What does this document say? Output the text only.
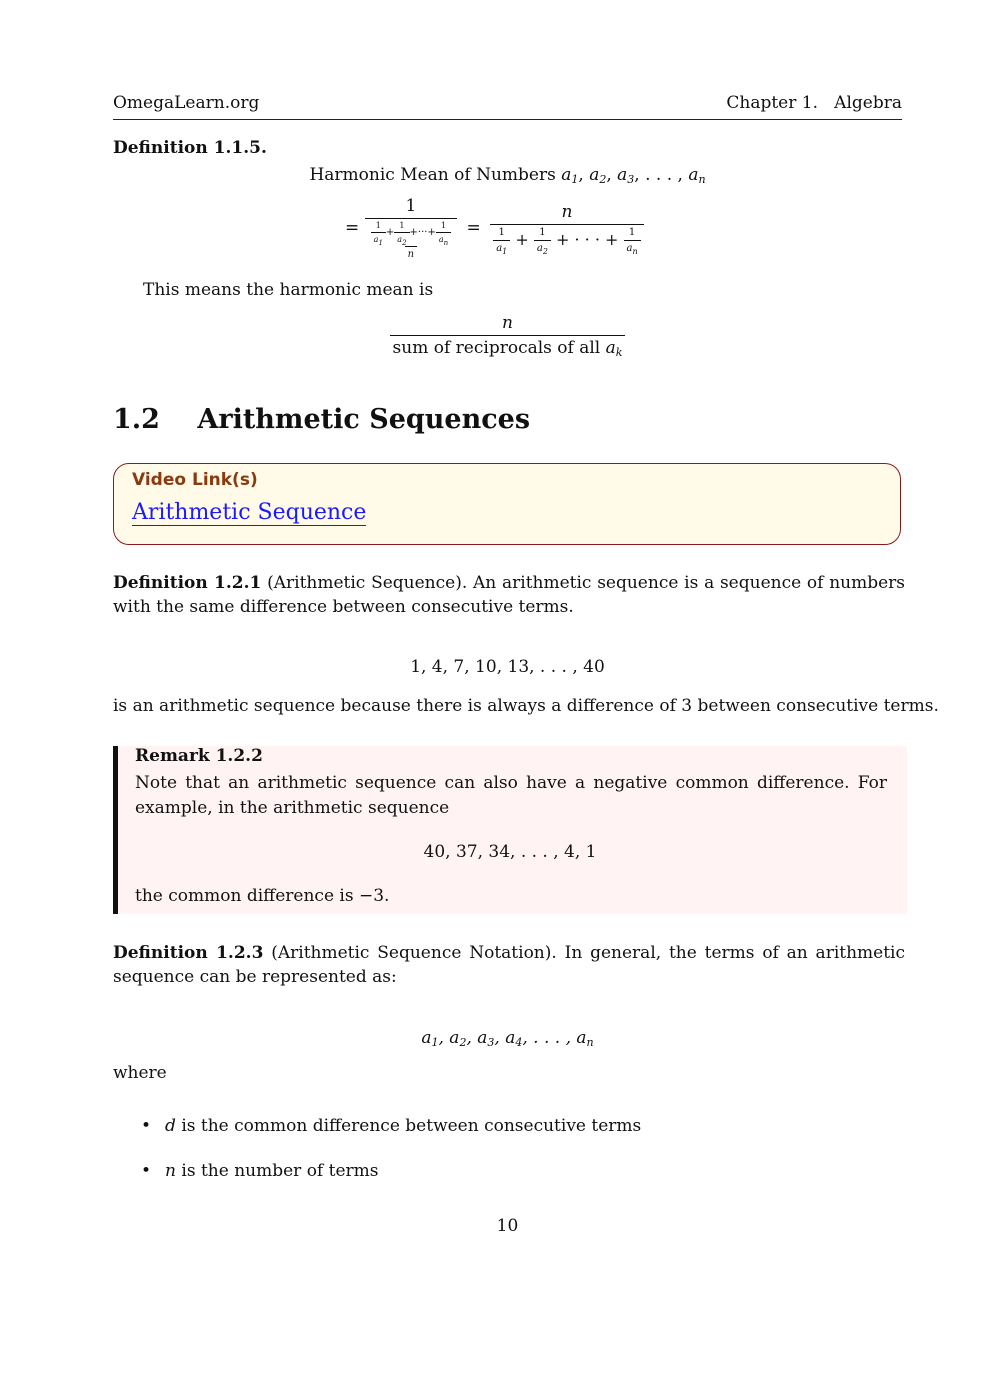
OmegaLearn.org	Chapter 1.   Algebra
Definition 1.1.5.
Harmonic Mean of Numbers $a_1$, $a_2$, $a_3$, . . . , $a_n$
= $\frac{1}{\frac{\frac{1}{a_1} + \frac{1}{a_2} +\cdot\cdot\cdot+ \frac{1}{a_n}}{n}} = \frac{n}{\frac{1}{a_1} + \frac{1}{a_2} + \cdot \cdot \cdot + \frac{1}{a_n}}$
This means the harmonic mean is
$\frac{n}{sum of reciprocals of all a_k}$
1.2 Arithmetic Sequences
Video Link(s)
Arithmetic Sequence
Definition 1.2.1 (Arithmetic Sequence). An arithmetic sequence is a sequence of numbers with the same difference between consecutive terms.
1, 4, 7, 10, 13, . . . , 40
is an arithmetic sequence because there is always a difference of 3 between consecutive terms.
Remark 1.2.2
Note that an arithmetic sequence can also have a negative common difference. For example, in the arithmetic sequence
40, 37, 34, . . . , 4, 1
the common difference is −3.
Definition 1.2.3 (Arithmetic Sequence Notation). In general, the terms of an arithmetic sequence can be represented as:
$a_1$, $a_2$, $a_3$, $a_4$, . . . , $a_n$
where
• d is the common difference between consecutive terms
• n is the number of terms
10
